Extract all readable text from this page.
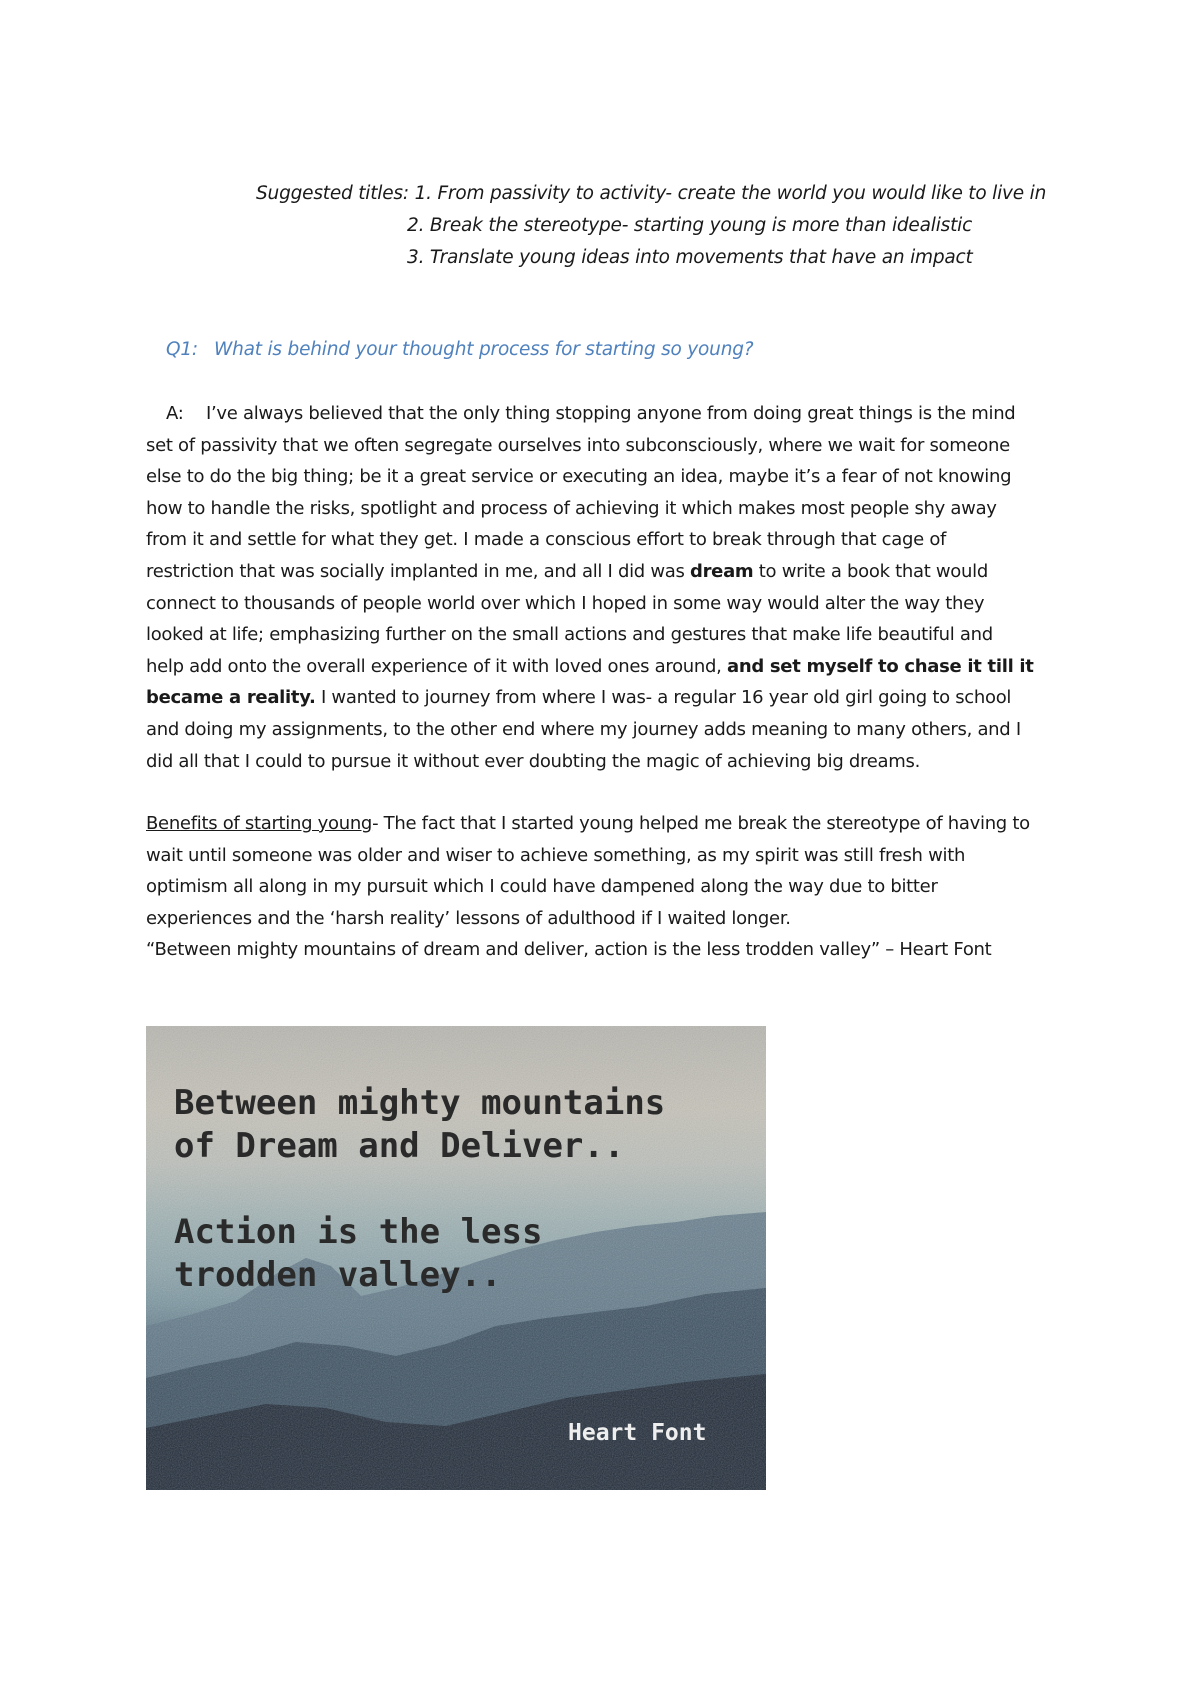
Suggested titles: 1. From passivity to activity- create the world you would like to live in
2. Break the stereotype- starting young is more than idealistic
3. Translate young ideas into movements that have an impact
Q1: What is behind your thought process for starting so young?
A: I’ve always believed that the only thing stopping anyone from doing great things is the mind
set of passivity that we often segregate ourselves into subconsciously, where we wait for someone
else to do the big thing; be it a great service or executing an idea, maybe it’s a fear of not knowing
how to handle the risks, spotlight and process of achieving it which makes most people shy away
from it and settle for what they get. I made a conscious effort to break through that cage of
restriction that was socially implanted in me, and all I did was dream to write a book that would
connect to thousands of people world over which I hoped in some way would alter the way they
looked at life; emphasizing further on the small actions and gestures that make life beautiful and
help add onto the overall experience of it with loved ones around, and set myself to chase it till it
became a reality. I wanted to journey from where I was- a regular 16 year old girl going to school
and doing my assignments, to the other end where my journey adds meaning to many others, and I
did all that I could to pursue it without ever doubting the magic of achieving big dreams.
Benefits of starting young- The fact that I started young helped me break the stereotype of having to
wait until someone was older and wiser to achieve something, as my spirit was still fresh with
optimism all along in my pursuit which I could have dampened along the way due to bitter
experiences and the ‘harsh reality’ lessons of adulthood if I waited longer.
“Between mighty mountains of dream and deliver, action is the less trodden valley” – Heart Font
Between mighty mountains
of Dream and Deliver..
Action is the less
trodden valley..
Heart Font
